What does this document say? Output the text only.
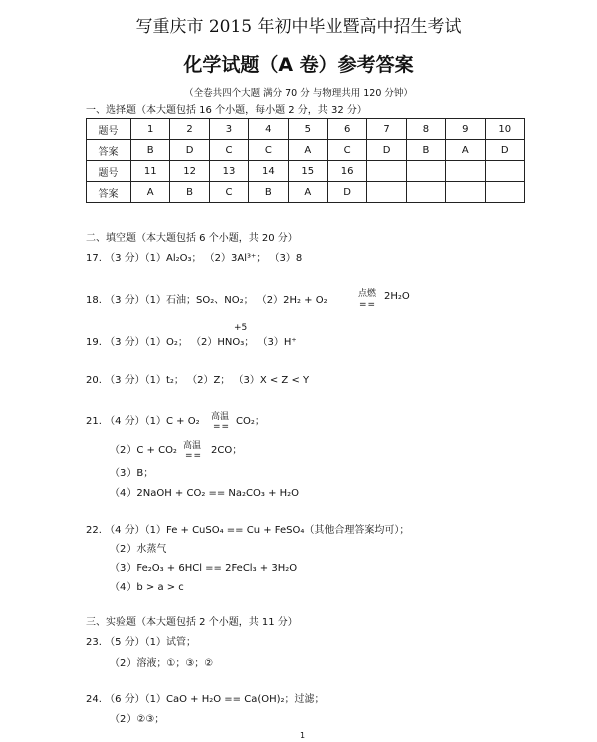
写重庆市 2015 年初中毕业暨高中招生考试
化学试题（A 卷）参考答案
（全卷共四个大题 满分 70 分 与物理共用 120 分钟）
一、选择题（本大题包括 16 个小题，每小题 2 分，共 32 分）
题号	1	2	3	4	5	6	7	8	9	10
答案	B	D	C	C	A	C	D	B	A	D
题号	11	12	13	14	15	16				
答案	A	B	C	B	A	D				
二、填空题（本大题包括 6 个小题，共 20 分）
17. （3 分）（1）Al₂O₃； （2）3Al³⁺； （3）8
18. （3 分）（1）石油；SO₂、NO₂； （2）2H₂ + O₂
点燃 2H₂O
==
+5
19. （3 分）（1）O₂； （2）HNO₃； （3）H⁺
20. （3 分）（1）t₂； （2）Z； （3）X < Z < Y
21. （4 分）（1）C + O₂ 高温 CO₂；
==
（2）C + CO₂ 高温 2CO；
==
（3）B；
（4）2NaOH + CO₂ == Na₂CO₃ + H₂O
22. （4 分）（1）Fe + CuSO₄ == Cu + FeSO₄（其他合理答案均可）；
（2）水蒸气
（3）Fe₂O₃ + 6HCl == 2FeCl₃ + 3H₂O
（4）b > a > c
三、实验题（本大题包括 2 个小题，共 11 分）
23. （5 分）（1）试管；
（2）溶液；①；③；②
24. （6 分）（1）CaO + H₂O == Ca(OH)₂；过滤；
（2）②③；
1
